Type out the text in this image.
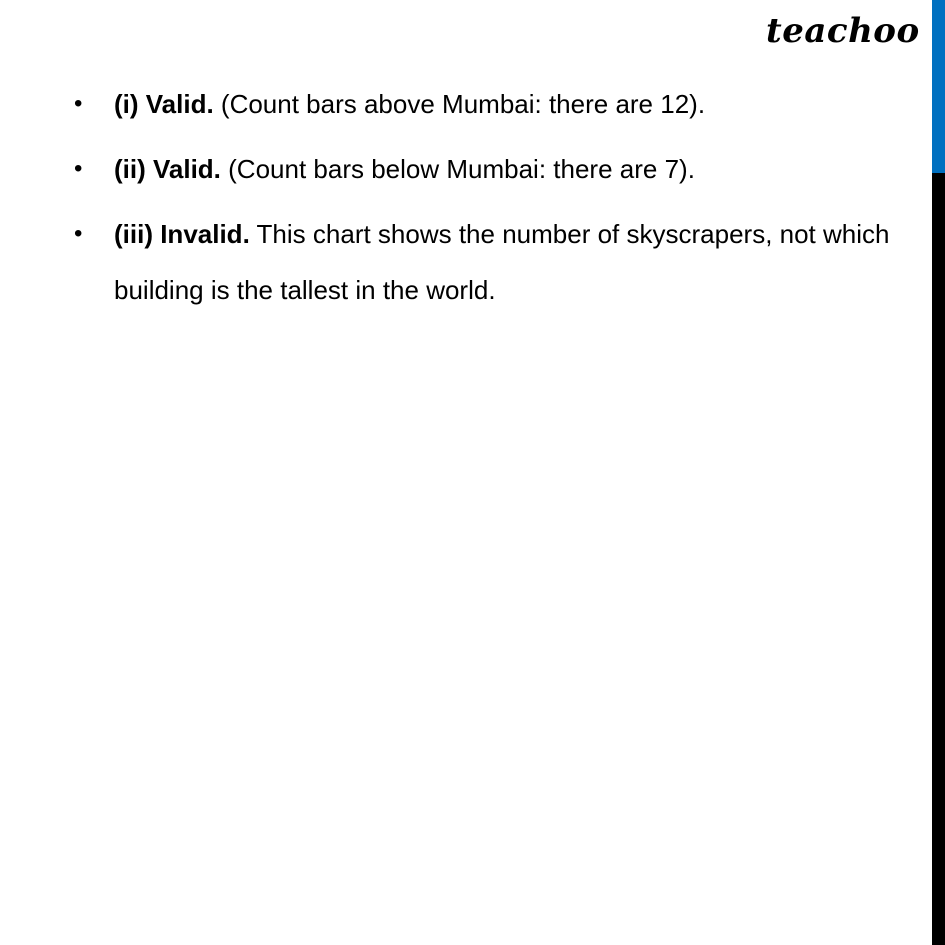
teachoo
• (i) Valid. (Count bars above Mumbai: there are 12).
• (ii) Valid. (Count bars below Mumbai: there are 7).
• (iii) Invalid. This chart shows the number of skyscrapers, not which building is the tallest in the world.
